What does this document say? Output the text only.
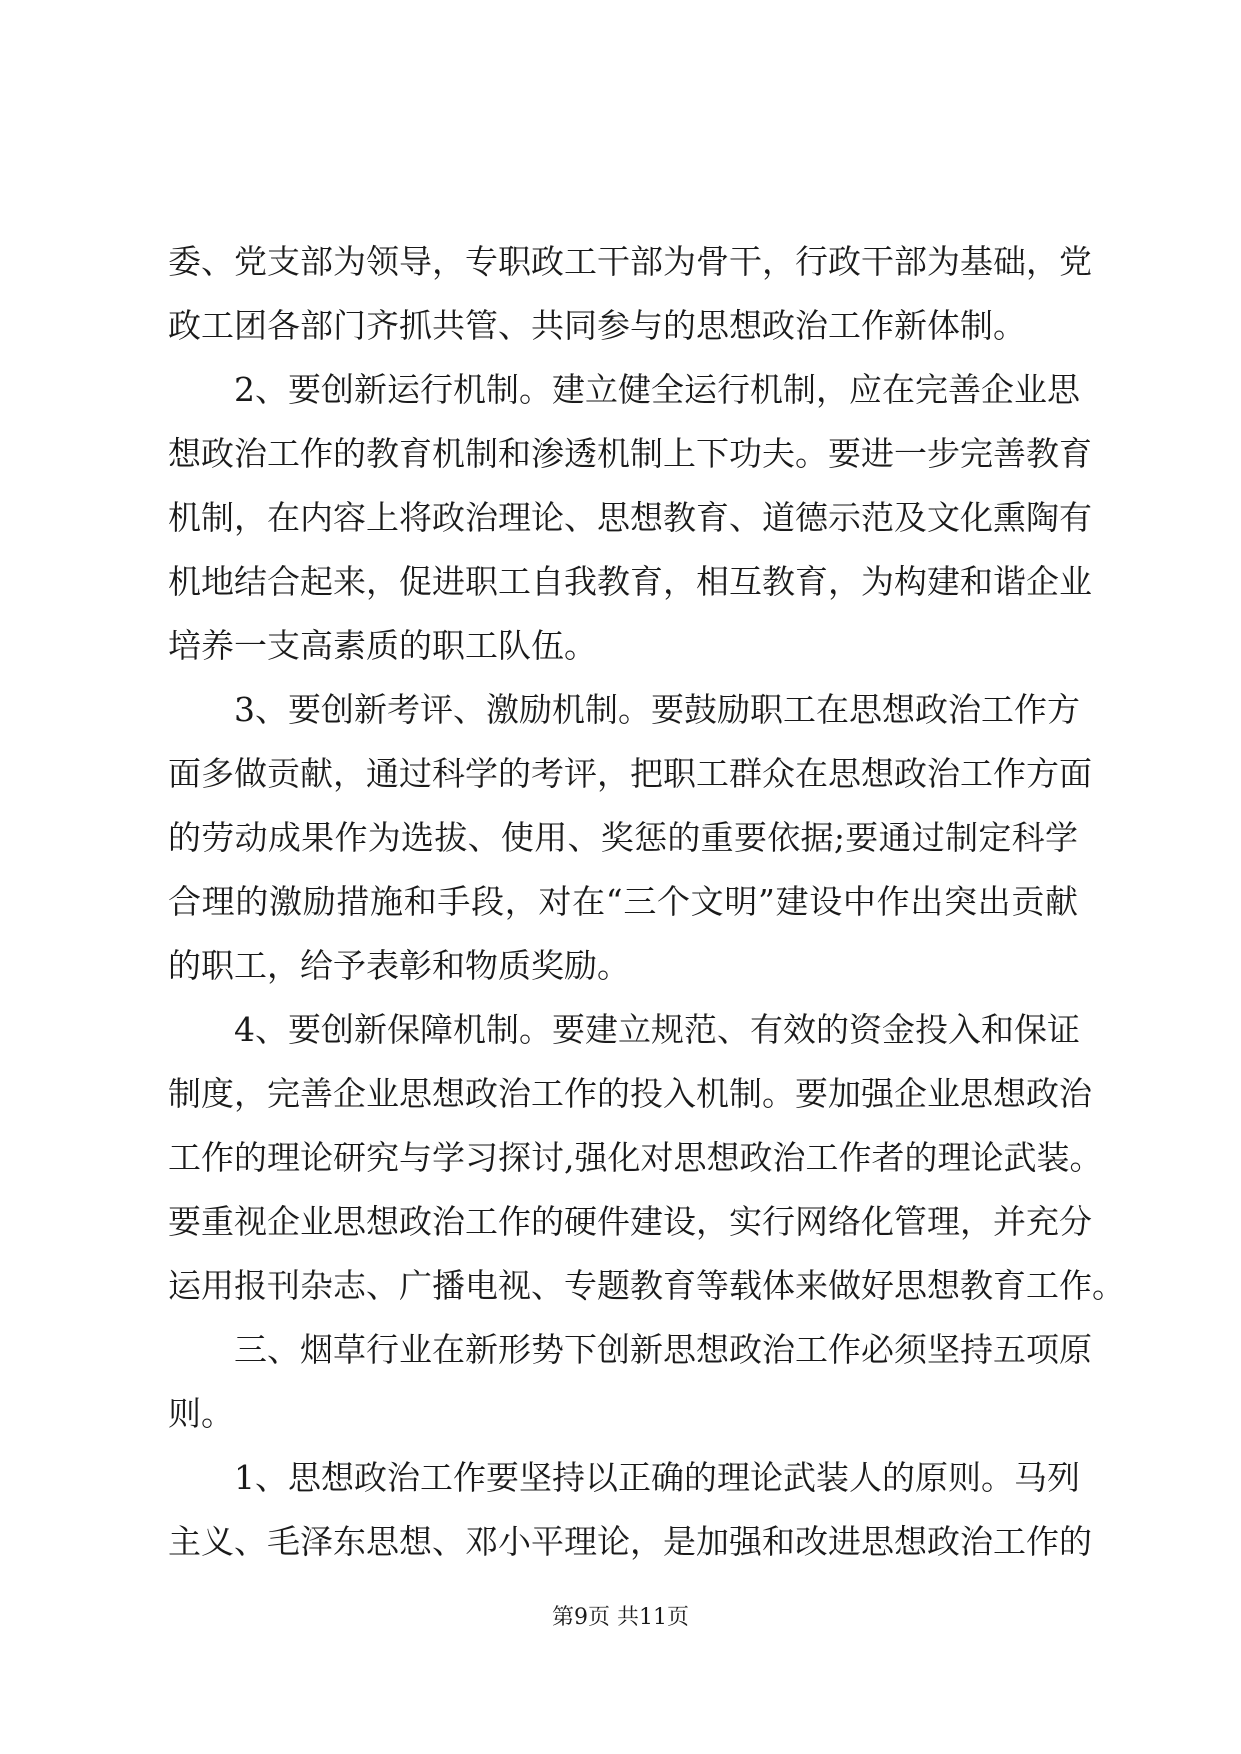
委、党支部为领导，专职政工干部为骨干，行政干部为基础，党
政工团各部门齐抓共管、共同参与的思想政治工作新体制。
2、要创新运行机制。建立健全运行机制，应在完善企业思
想政治工作的教育机制和渗透机制上下功夫。要进一步完善教育
机制，在内容上将政治理论、思想教育、道德示范及文化熏陶有
机地结合起来，促进职工自我教育，相互教育，为构建和谐企业
培养一支高素质的职工队伍。
3、要创新考评、激励机制。要鼓励职工在思想政治工作方
面多做贡献，通过科学的考评，把职工群众在思想政治工作方面
的劳动成果作为选拔、使用、奖惩的重要依据;要通过制定科学
合理的激励措施和手段，对在“三个文明”建设中作出突出贡献
的职工，给予表彰和物质奖励。
4、要创新保障机制。要建立规范、有效的资金投入和保证
制度，完善企业思想政治工作的投入机制。要加强企业思想政治
工作的理论研究与学习探讨,强化对思想政治工作者的理论武装。
要重视企业思想政治工作的硬件建设，实行网络化管理，并充分
运用报刊杂志、广播电视、专题教育等载体来做好思想教育工作。
三、烟草行业在新形势下创新思想政治工作必须坚持五项原
则。
1、思想政治工作要坚持以正确的理论武装人的原则。马列
主义、毛泽东思想、邓小平理论，是加强和改进思想政治工作的
第9页 共11页
